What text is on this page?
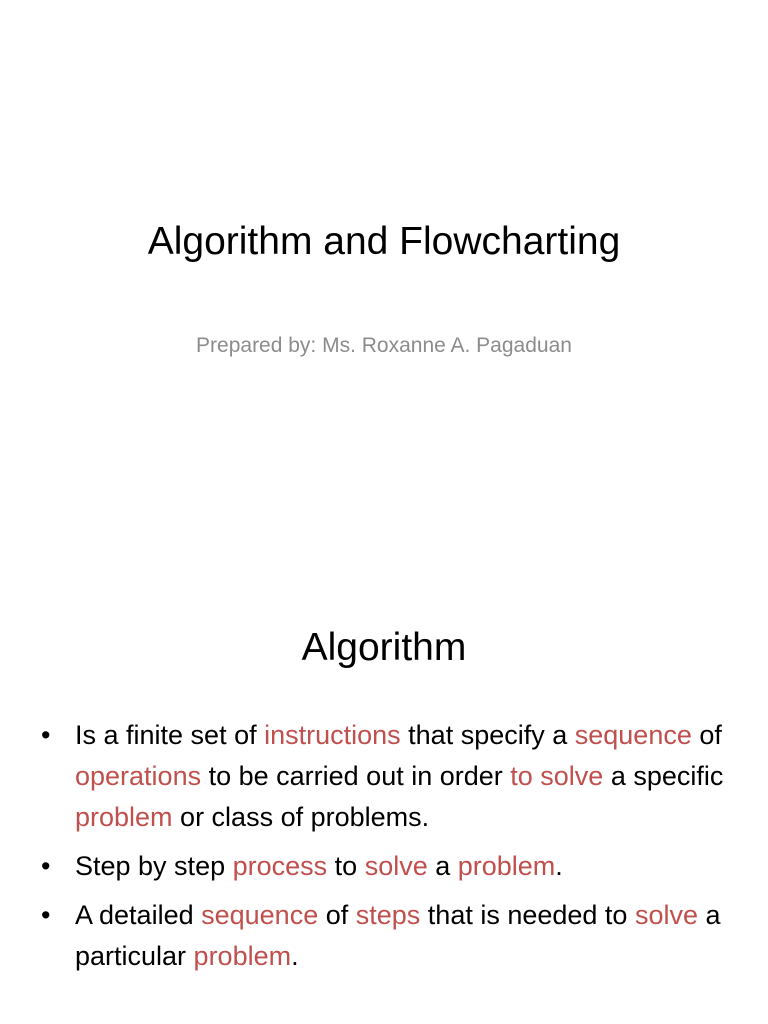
Algorithm and Flowcharting
Prepared by: Ms. Roxanne A. Pagaduan
Algorithm
• Is a finite set of instructions that specify a sequence of operations to be carried out in order to solve a specific problem or class of problems.
• Step by step process to solve a problem.
• A detailed sequence of steps that is needed to solve a particular problem.
